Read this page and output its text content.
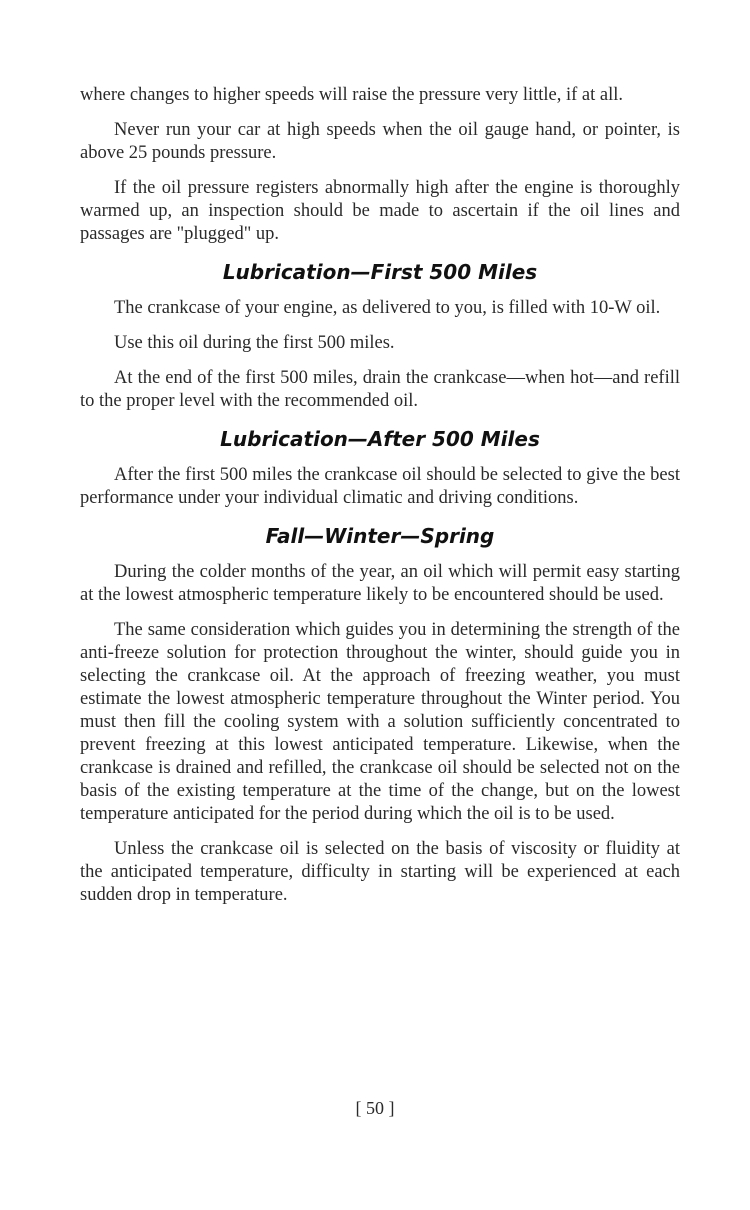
where changes to higher speeds will raise the pressure very little, if at all.

Never run your car at high speeds when the oil gauge hand, or pointer, is above 25 pounds pressure.

If the oil pressure registers abnormally high after the engine is thoroughly warmed up, an inspection should be made to ascertain if the oil lines and passages are "plugged" up.

Lubrication—First 500 Miles

The crankcase of your engine, as delivered to you, is filled with 10-W oil.

Use this oil during the first 500 miles.

At the end of the first 500 miles, drain the crankcase—when hot—and refill to the proper level with the recommended oil.

Lubrication—After 500 Miles

After the first 500 miles the crankcase oil should be selected to give the best performance under your individual climatic and driving conditions.

Fall—Winter—Spring

During the colder months of the year, an oil which will permit easy starting at the lowest atmospheric temperature likely to be encountered should be used.

The same consideration which guides you in determining the strength of the anti-freeze solution for protection throughout the winter, should guide you in selecting the crankcase oil. At the approach of freezing weather, you must estimate the lowest atmospheric temperature throughout the Winter period. You must then fill the cooling system with a solution sufficiently concentrated to prevent freezing at this lowest anticipated temperature. Likewise, when the crankcase is drained and refilled, the crankcase oil should be selected not on the basis of the existing temperature at the time of the change, but on the lowest temperature anticipated for the period during which the oil is to be used.

Unless the crankcase oil is selected on the basis of viscosity or fluidity at the anticipated temperature, difficulty in starting will be experienced at each sudden drop in temperature.

[ 50 ]
